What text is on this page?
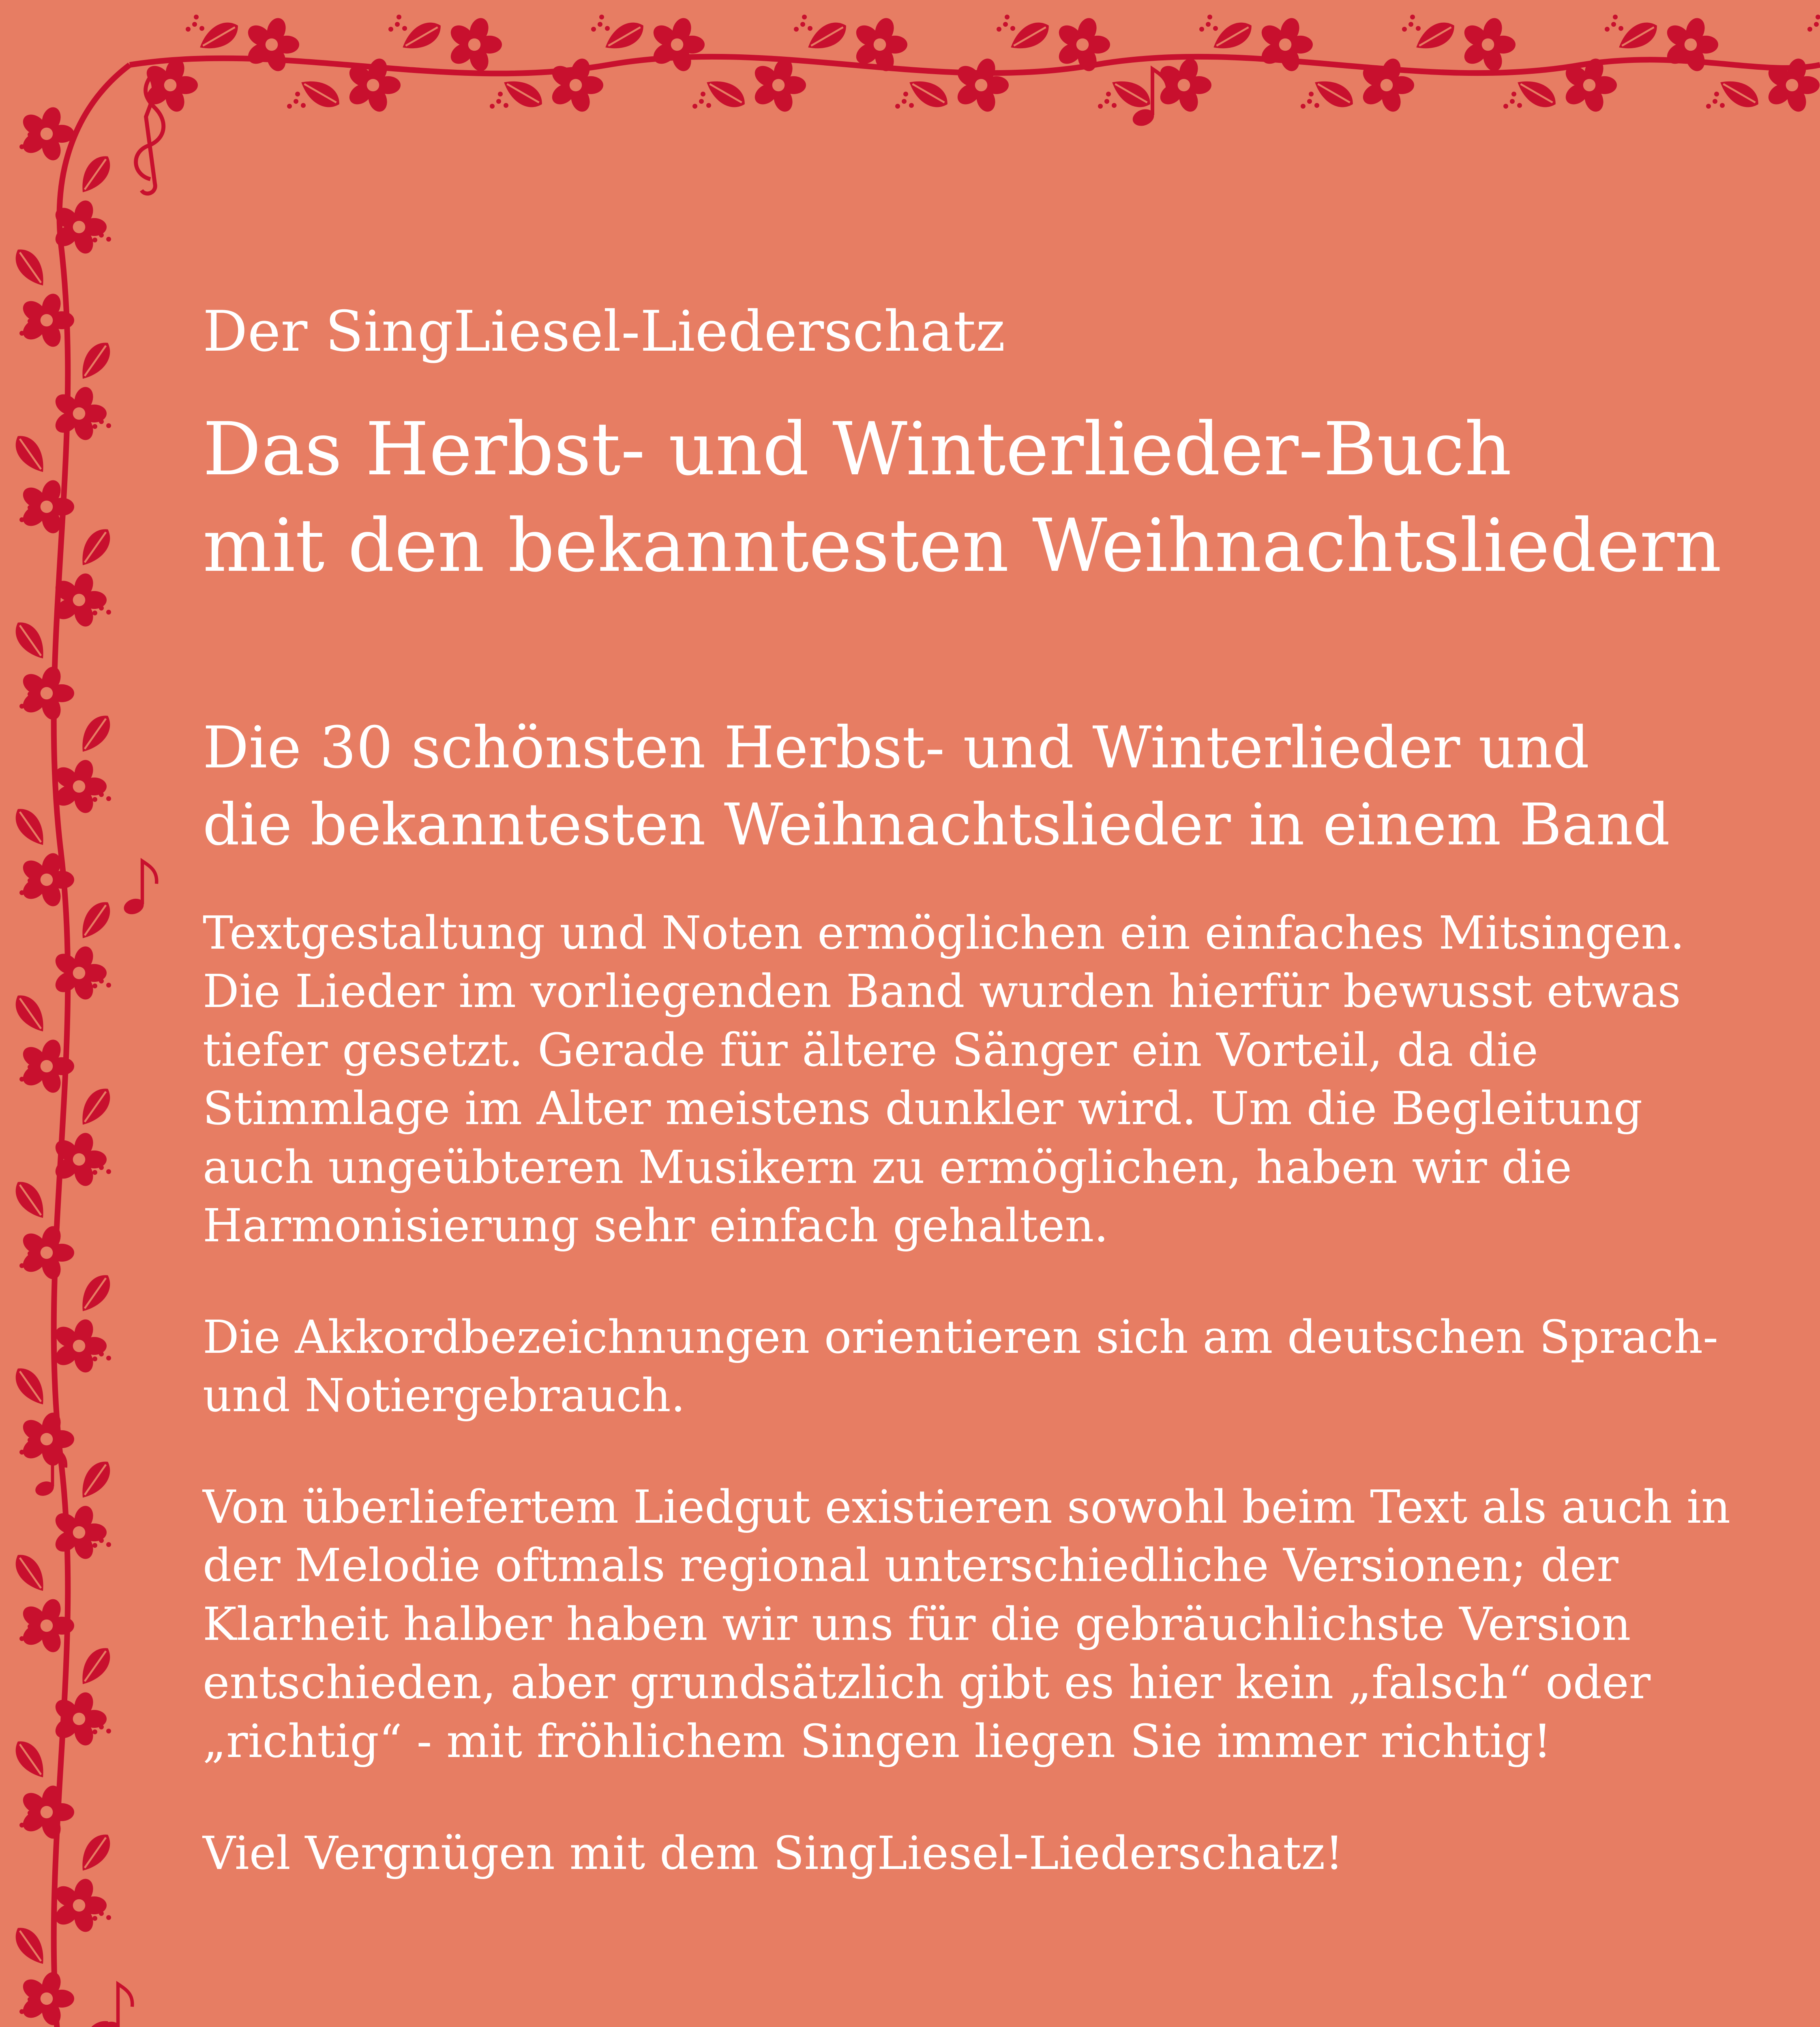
Der SingLiesel-Liederschatz
Das Herbst- und Winterlieder-Buch
mit den bekanntesten Weihnachtsliedern
Die 30 schönsten Herbst- und Winterlieder und
die bekanntesten Weihnachtslieder in einem Band

Textgestaltung und Noten ermöglichen ein einfaches Mitsingen. Die Lieder im vorliegenden Band wurden hierfür bewusst etwas tiefer gesetzt. Gerade für ältere Sänger ein Vorteil, da die Stimmlage im Alter meistens dunkler wird. Um die Begleitung auch ungeübteren Musikern zu ermöglichen, haben wir die Harmonisierung sehr einfach gehalten.

Die Akkordbezeichnungen orientieren sich am deutschen Sprach- und Notiergebrauch.

Von überliefertem Liedgut existieren sowohl beim Text als auch in der Melodie oftmals regional unterschiedliche Versionen; der Klarheit halber haben wir uns für die gebräuchlichste Version entschieden, aber grundsätzlich gibt es hier kein „falsch“ oder „richtig“ - mit fröhlichem Singen liegen Sie immer richtig!

Viel Vergnügen mit dem SingLiesel-Liederschatz!
